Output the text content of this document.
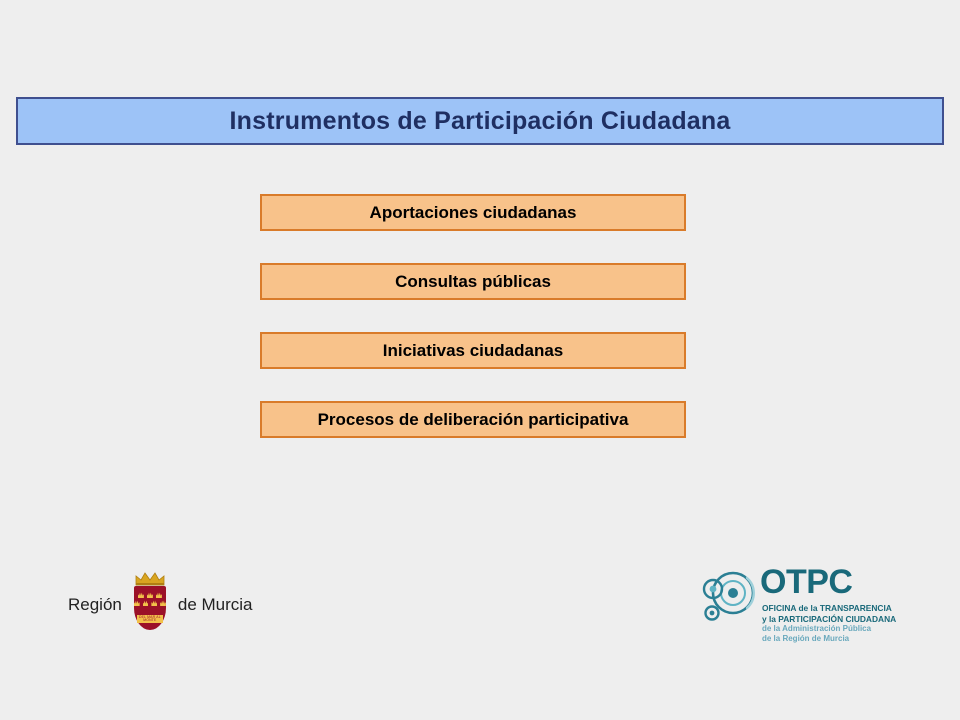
Instrumentos de Participación Ciudadana
Aportaciones ciudadanas
Consultas públicas
Iniciativas ciudadanas
Procesos de deliberación participativa
Región
DEL MAR AL MONTE
de Murcia
OTPC
OFICINA de la TRANSPARENCIA
y la PARTICIPACIÓN CIUDADANA
de la Administración Pública
de la Región de Murcia
